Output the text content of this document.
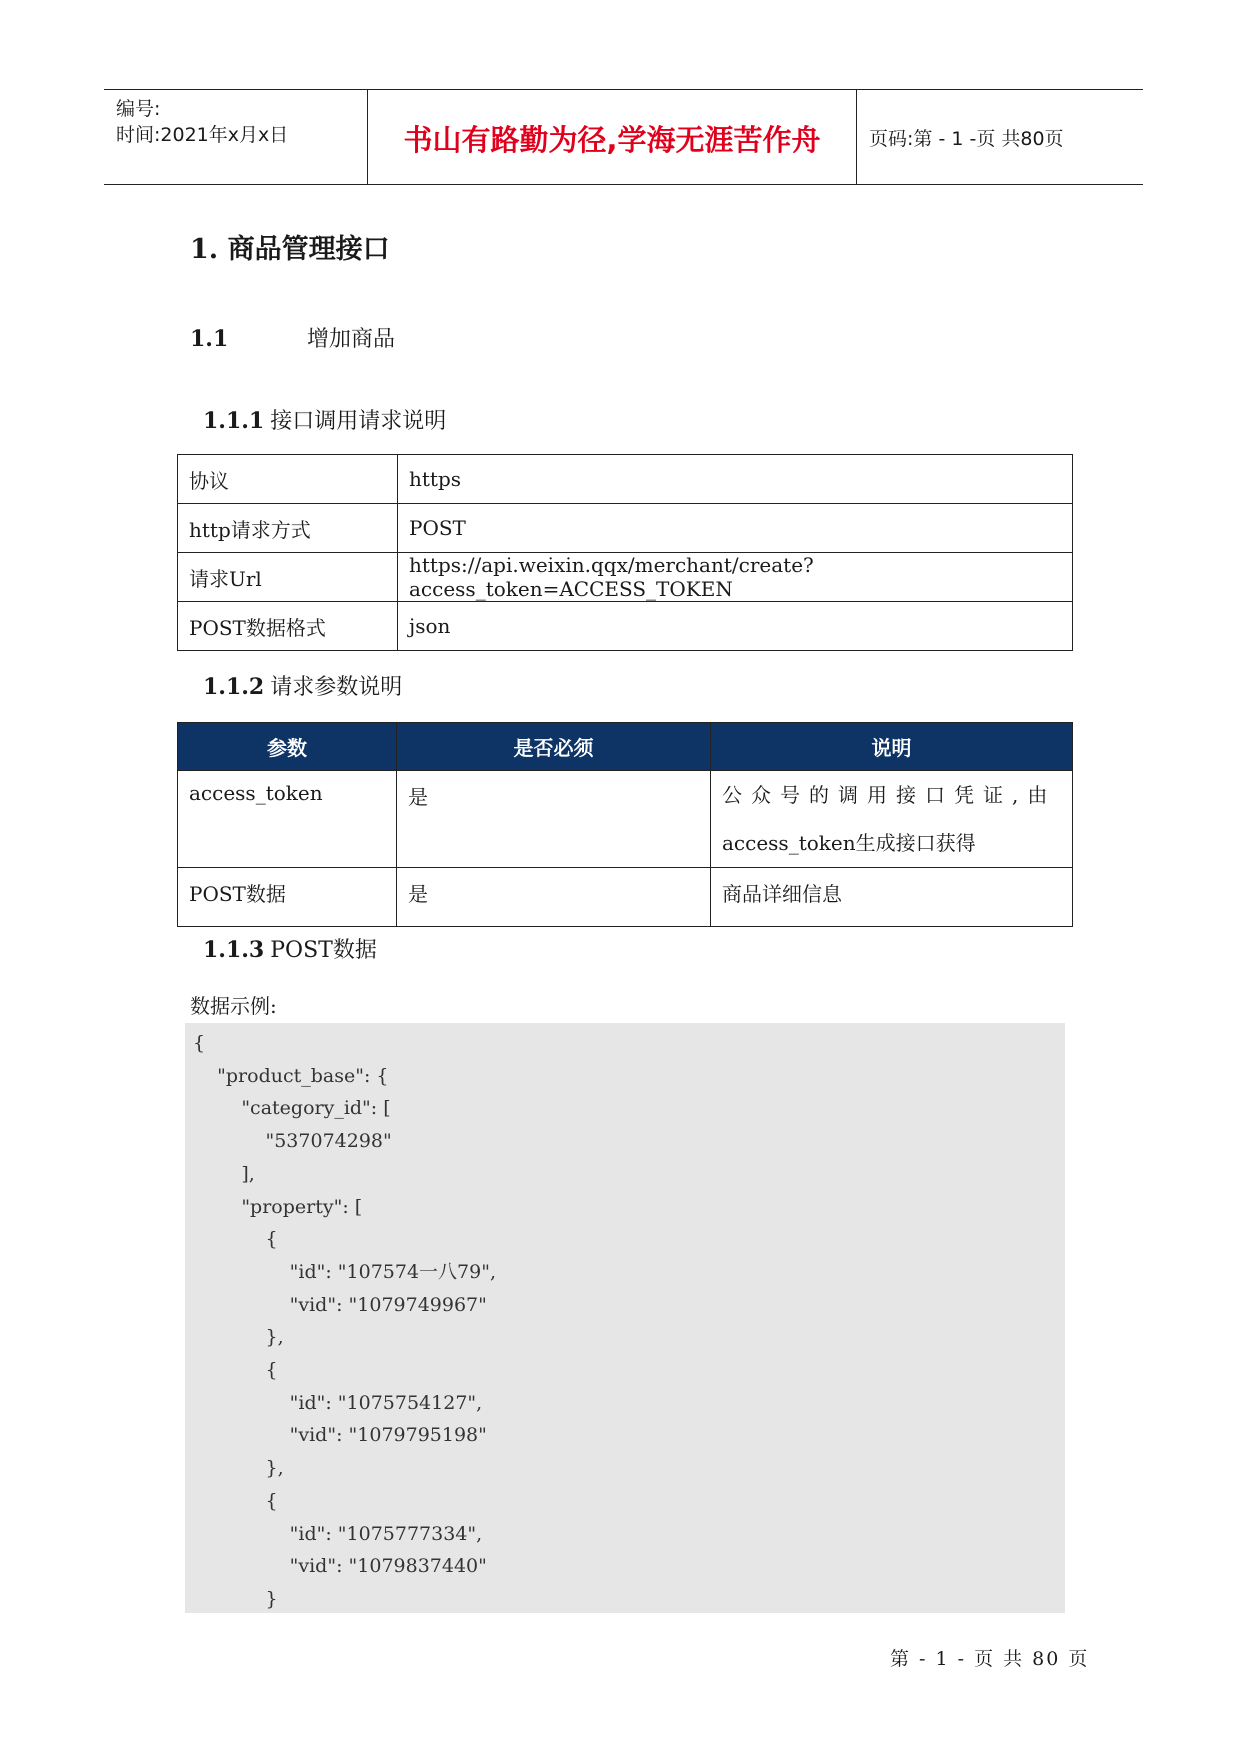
编号:
时间:2021年x月x日	书山有路勤为径,学海无涯苦作舟	页码:第 - 1 -页 共80页
1. 商品管理接口
1.1	增加商品
1.1.1 接口调用请求说明
协议	https
http请求方式	POST
请求Url	https://api.weixin.qqx/merchant/create?access_token=ACCESS_TOKEN
POST数据格式	json
1.1.2 请求参数说明
参数	是否必须	说明
access_token	是	公众号的调用接口凭证,由
access_token生成接口获得

POST数据	是	商品详细信息
1.1.3 POST数据
数据示例:
{
"product_base": {
"category_id": [
"537074298"
],
"property": [
{
"id": "107574一八79",
"vid": "1079749967"
},
{
"id": "1075754127",
"vid": "1079795198"
},
{
"id": "1075777334",
"vid": "1079837440"
}
第 - 1 - 页 共 80 页
